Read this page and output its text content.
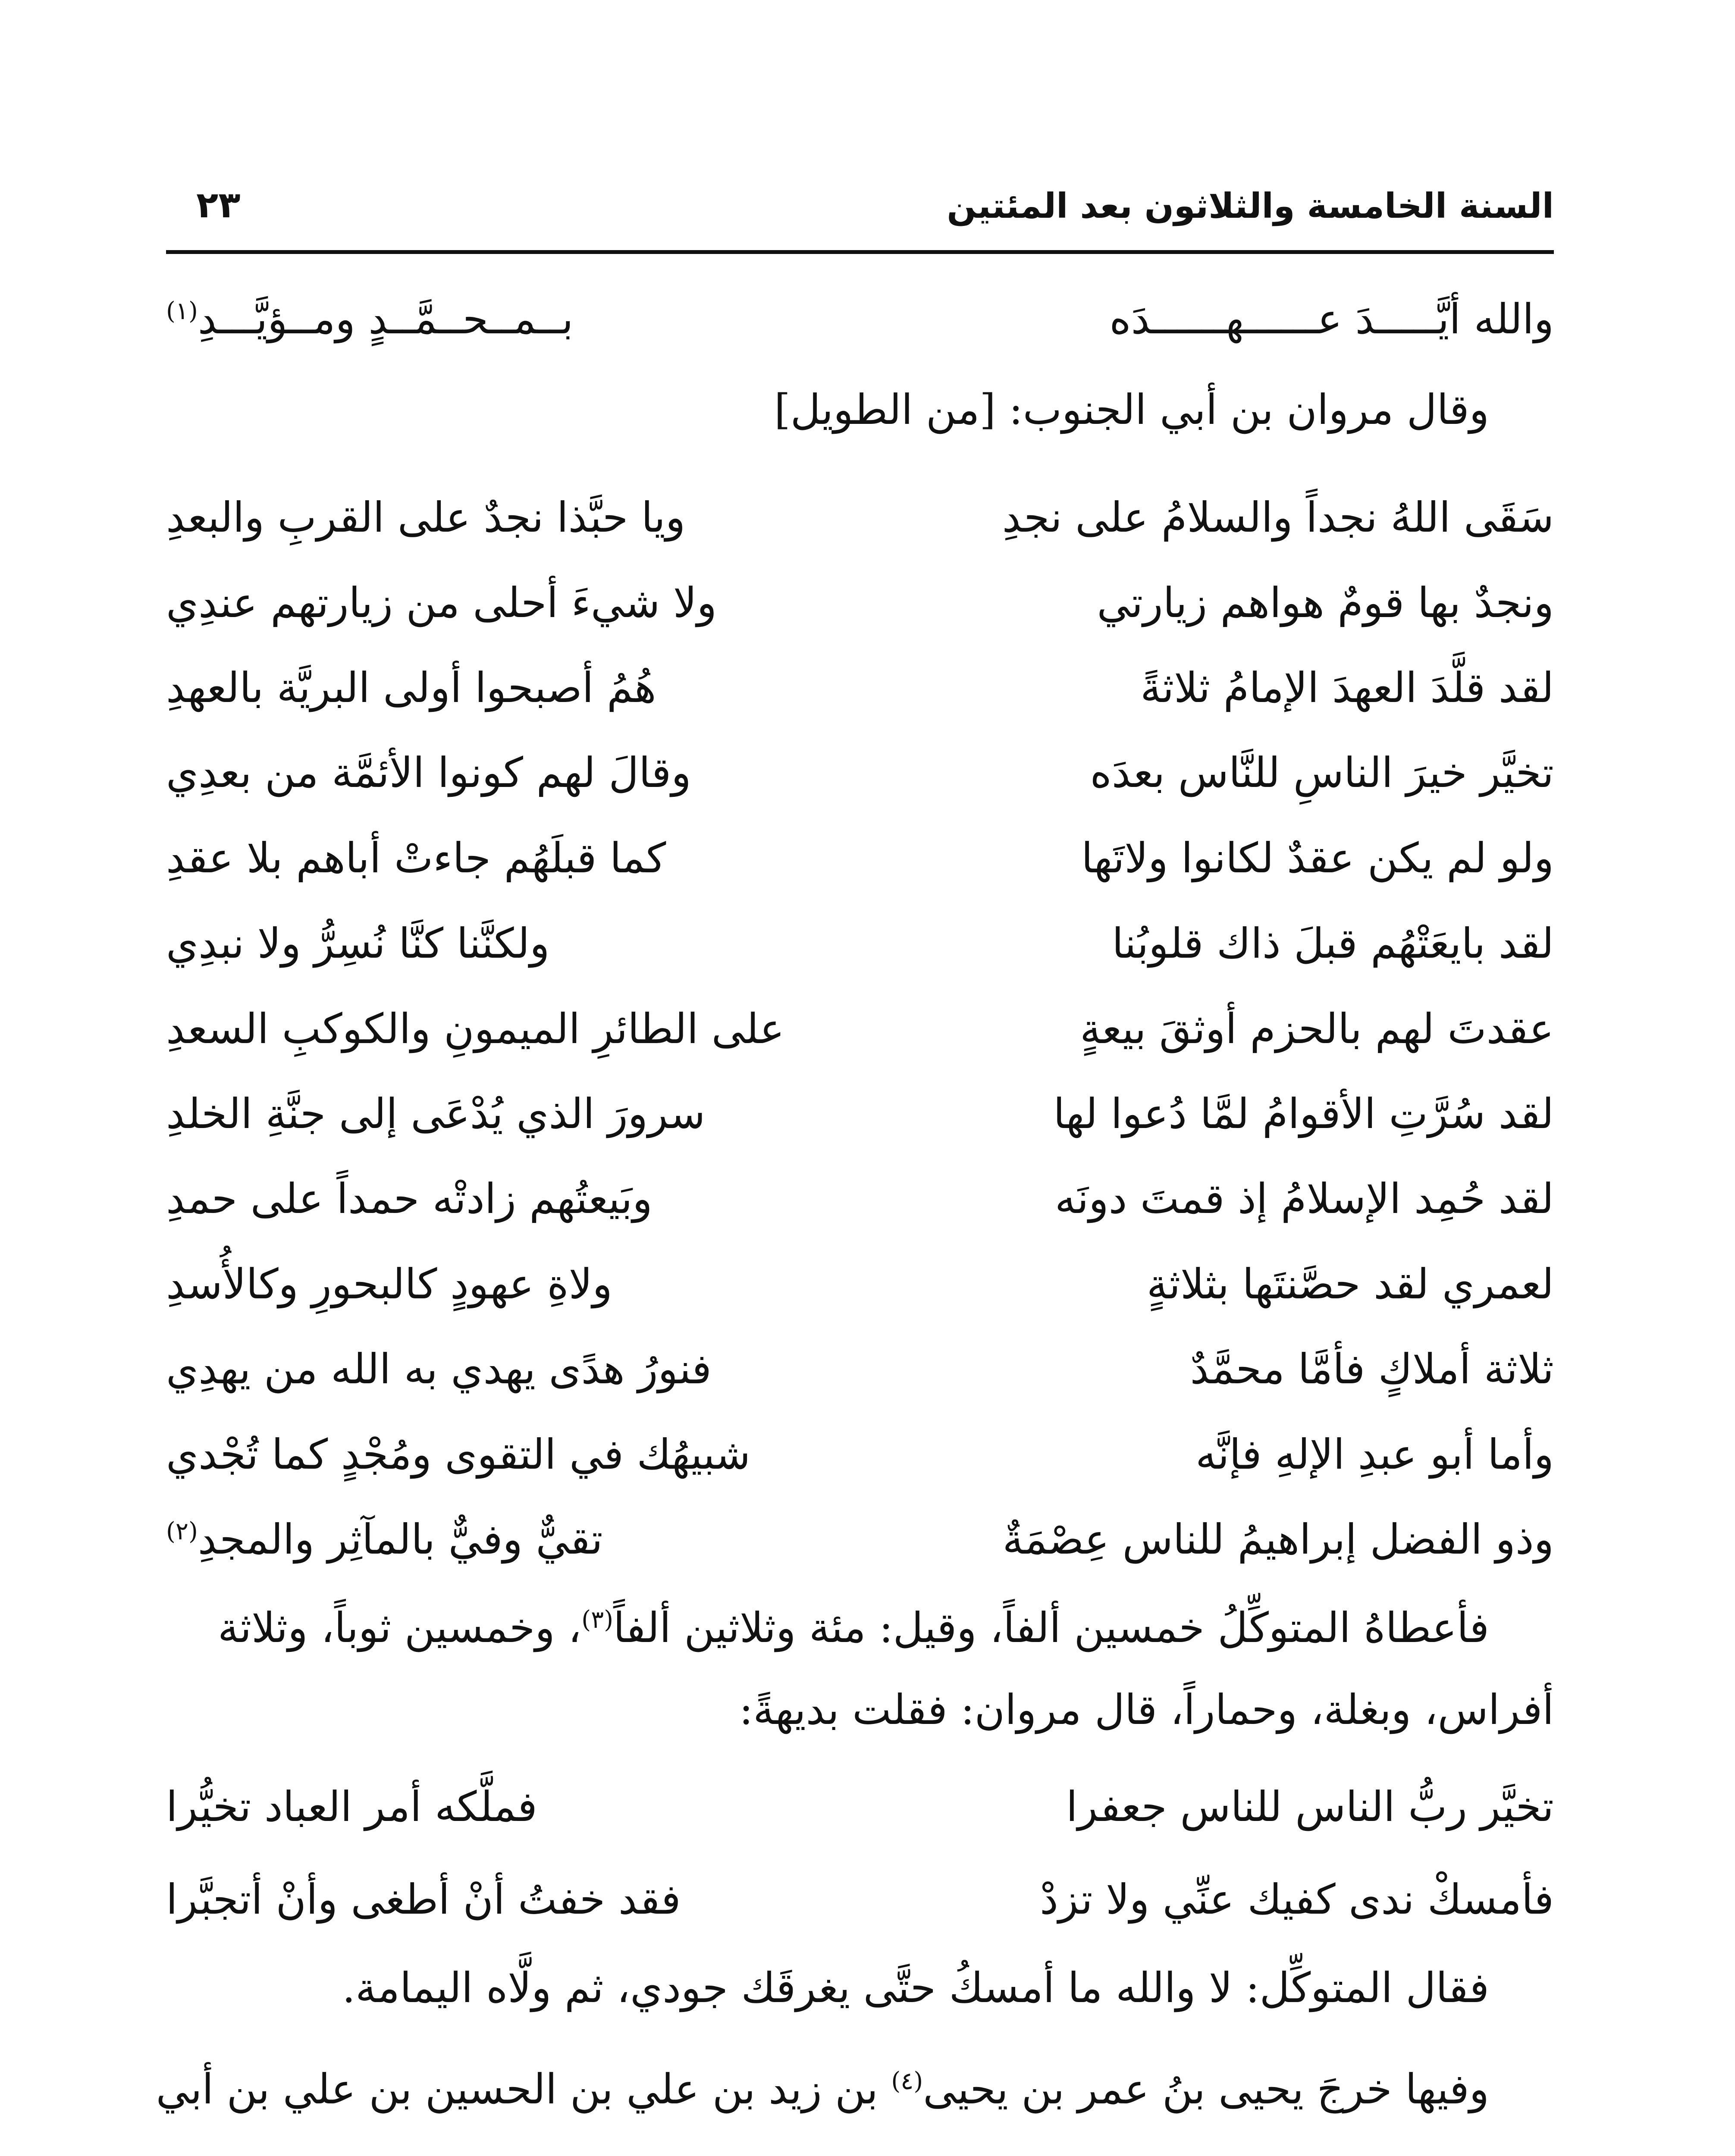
السنة الخامسة والثلاثون بعد المئتين
٢٣
والله أيَّـــــدَ عــــــهــــــدَه
بــمــحــمَّــدٍ ومــؤيَّـــدِ$^{(١)}$
وقال مروان بن أبي الجنوب: [من الطويل]
سَقَى اللهُ نجداً والسلامُ على نجدِ
ويا حبَّذا نجدٌ على القربِ والبعدِ
ونجدٌ بها قومٌ هواهم زيارتي
ولا شيءَ أحلى من زيارتهم عندِي
لقد قلَّدَ العهدَ الإمامُ ثلاثةً
هُمُ أصبحوا أولى البريَّة بالعهدِ
تخيَّر خيرَ الناسِ للنَّاس بعدَه
وقالَ لهم كونوا الأئمَّة من بعدِي
ولو لم يكن عقدٌ لكانوا ولاتَها
كما قبلَهُم جاءتْ أباهم بلا عقدِ
لقد بايعَتْهُم قبلَ ذاك قلوبُنا
ولكنَّنا كنَّا نُسِرُّ ولا نبدِي
عقدتَ لهم بالحزم أوثقَ بيعةٍ
على الطائرِ الميمونِ والكوكبِ السعدِ
لقد سُرَّتِ الأقوامُ لمَّا دُعوا لها
سرورَ الذي يُدْعَى إلى جنَّةِ الخلدِ
لقد حُمِد الإسلامُ إذ قمتَ دونَه
وبَيعتُهم زادتْه حمداً على حمدِ
لعمري لقد حصَّنتَها بثلاثةٍ
ولاةِ عهودٍ كالبحورِ وكالأُسدِ
ثلاثة أملاكٍ فأمَّا محمَّدٌ
فنورُ هدًى يهدي به الله من يهدِي
وأما أبو عبدِ الإلهِ فإنَّه
شبيهُك في التقوى ومُجْدٍ كما تُجْدي
وذو الفضل إبراهيمُ للناس عِصْمَةٌ
تقيٌّ وفيٌّ بالمآثِر والمجدِ$^{(٢)}$
فأعطاهُ المتوكِّلُ خمسين ألفاً، وقيل: مئة وثلاثين ألفاً$^{(٣)}$، وخمسين ثوباً، وثلاثة
أفراس، وبغلة، وحماراً، قال مروان: فقلت بديهةً:
تخيَّر ربُّ الناس للناس جعفرا
فملَّكه أمر العباد تخيُّرا
فأمسكْ ندى كفيك عنِّي ولا تزدْ
فقد خفتُ أنْ أطغى وأنْ أتجبَّرا
فقال المتوكِّل: لا والله ما أمسكُ حتَّى يغرقَك جودي، ثم ولَّاه اليمامة.
وفيها خرجَ يحيى بنُ عمر بن يحيى$^{(٤)}$ بن زيد بن علي بن الحسين بن علي بن أبي
